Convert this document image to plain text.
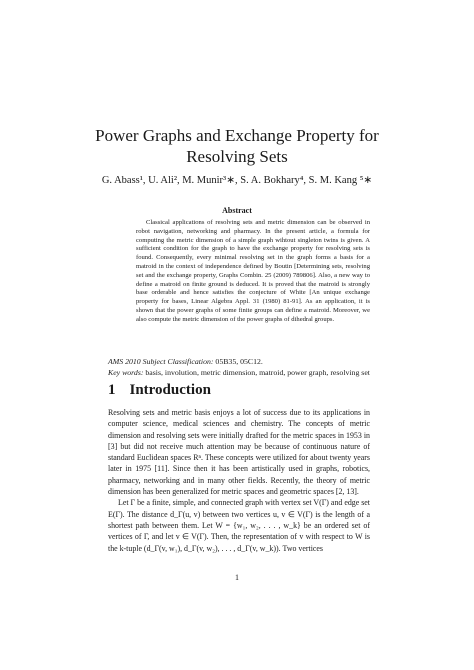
Power Graphs and Exchange Property for
Resolving Sets
G. Abass¹, U. Ali², M. Munir³∗, S. A. Bokhary⁴, S. M. Kang ⁵∗
Abstract
Classical applications of resolving sets and metric dimension can be observed in robot navigation, networking and pharmacy. In the present article, a formula for computing the metric dimension of a simple graph wihtout singleton twins is given. A sufficient condition for the graph to have the exchange property for resolving sets is found. Consequently, every minimal resolving set in the graph forms a basis for a matroid in the context of independence defined by Boutin [Determining sets, resolving set and the exchange property, Graphs Combin. 25 (2009) 789806]. Also, a new way to define a matroid on finite ground is deduced. It is proved that the matroid is strongly base orderable and hence satisfies the conjecture of White [An unique exchange property for bases, Linear Algebra Appl. 31 (1980) 81-91]. As an application, it is shown that the power graphs of some finite groups can define a matroid. Moreover, we also compute the metric dimension of the power graphs of dihedral groups.
AMS 2010 Subject Classification: 05B35, 05C12.
Key words: basis, involution, metric dimension, matroid, power graph, resolving set
1 Introduction

Resolving sets and metric basis enjoys a lot of success due to its applications in computer science, medical sciences and chemistry. The concepts of metric dimension and resolving sets were initially drafted for the metric spaces in 1953 in [3] but did not receive much attention may be because of continuous nature of standard Euclidean spaces Rⁿ. These concepts were utilized for about twenty years later in 1975 [11]. Since then it has been artistically used in graphs, robotics, pharmacy, networking and in many other fields. Recently, the theory of metric dimension has been generalized for metric spaces and geometric spaces [2, 13].

Let Γ be a finite, simple, and connected graph with vertex set V(Γ) and edge set E(Γ). The distance d_Γ(u, v) between two vertices u, v ∈ V(Γ) is the length of a shortest path between them. Let W = {w₁, w₂, . . . , w_k} be an ordered set of vertices of Γ, and let v ∈ V(Γ). Then, the representation of v with respect to W is the k-tuple (d_Γ(v, w₁), d_Γ(v, w₂), . . . , d_Γ(v, w_k)). Two vertices

1
